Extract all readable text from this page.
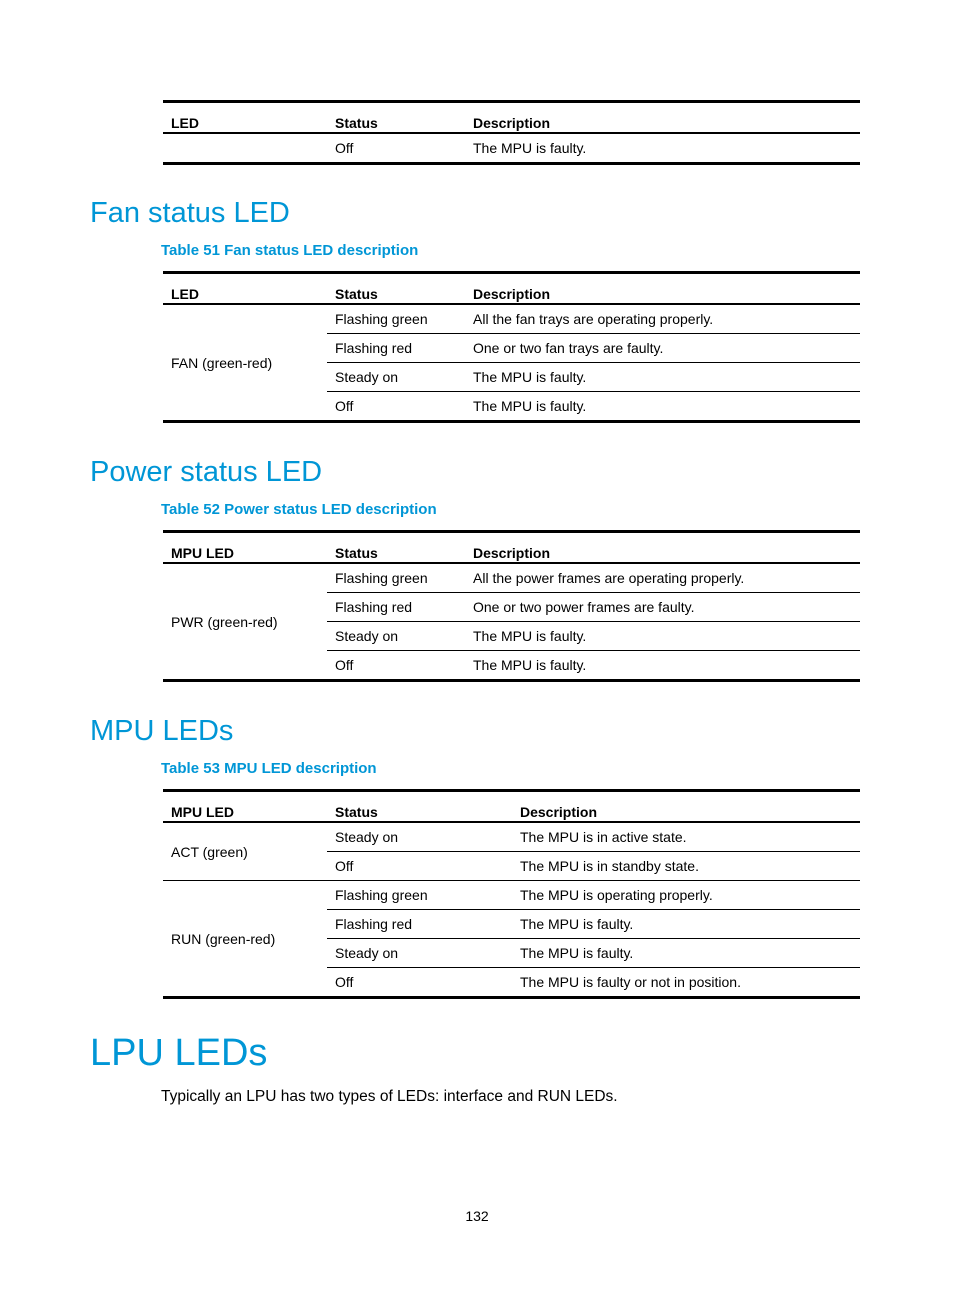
LED	Status	Description
	Off	The MPU is faulty.
Fan status LED
Table 51 Fan status LED description
LED	Status	Description
FAN (green-red)	Flashing green	All the fan trays are operating properly.
	Flashing red	One or two fan trays are faulty.
	Steady on	The MPU is faulty.
	Off	The MPU is faulty.
Power status LED
Table 52 Power status LED description
MPU LED	Status	Description
PWR (green-red)	Flashing green	All the power frames are operating properly.
	Flashing red	One or two power frames are faulty.
	Steady on	The MPU is faulty.
	Off	The MPU is faulty.
MPU LEDs
Table 53 MPU LED description
MPU LED	Status	Description
ACT (green)	Steady on	The MPU is in active state.
	Off	The MPU is in standby state.
RUN (green-red)	Flashing green	The MPU is operating properly.
	Flashing red	The MPU is faulty.
	Steady on	The MPU is faulty.
	Off	The MPU is faulty or not in position.
LPU LEDs
Typically an LPU has two types of LEDs: interface and RUN LEDs.
132
